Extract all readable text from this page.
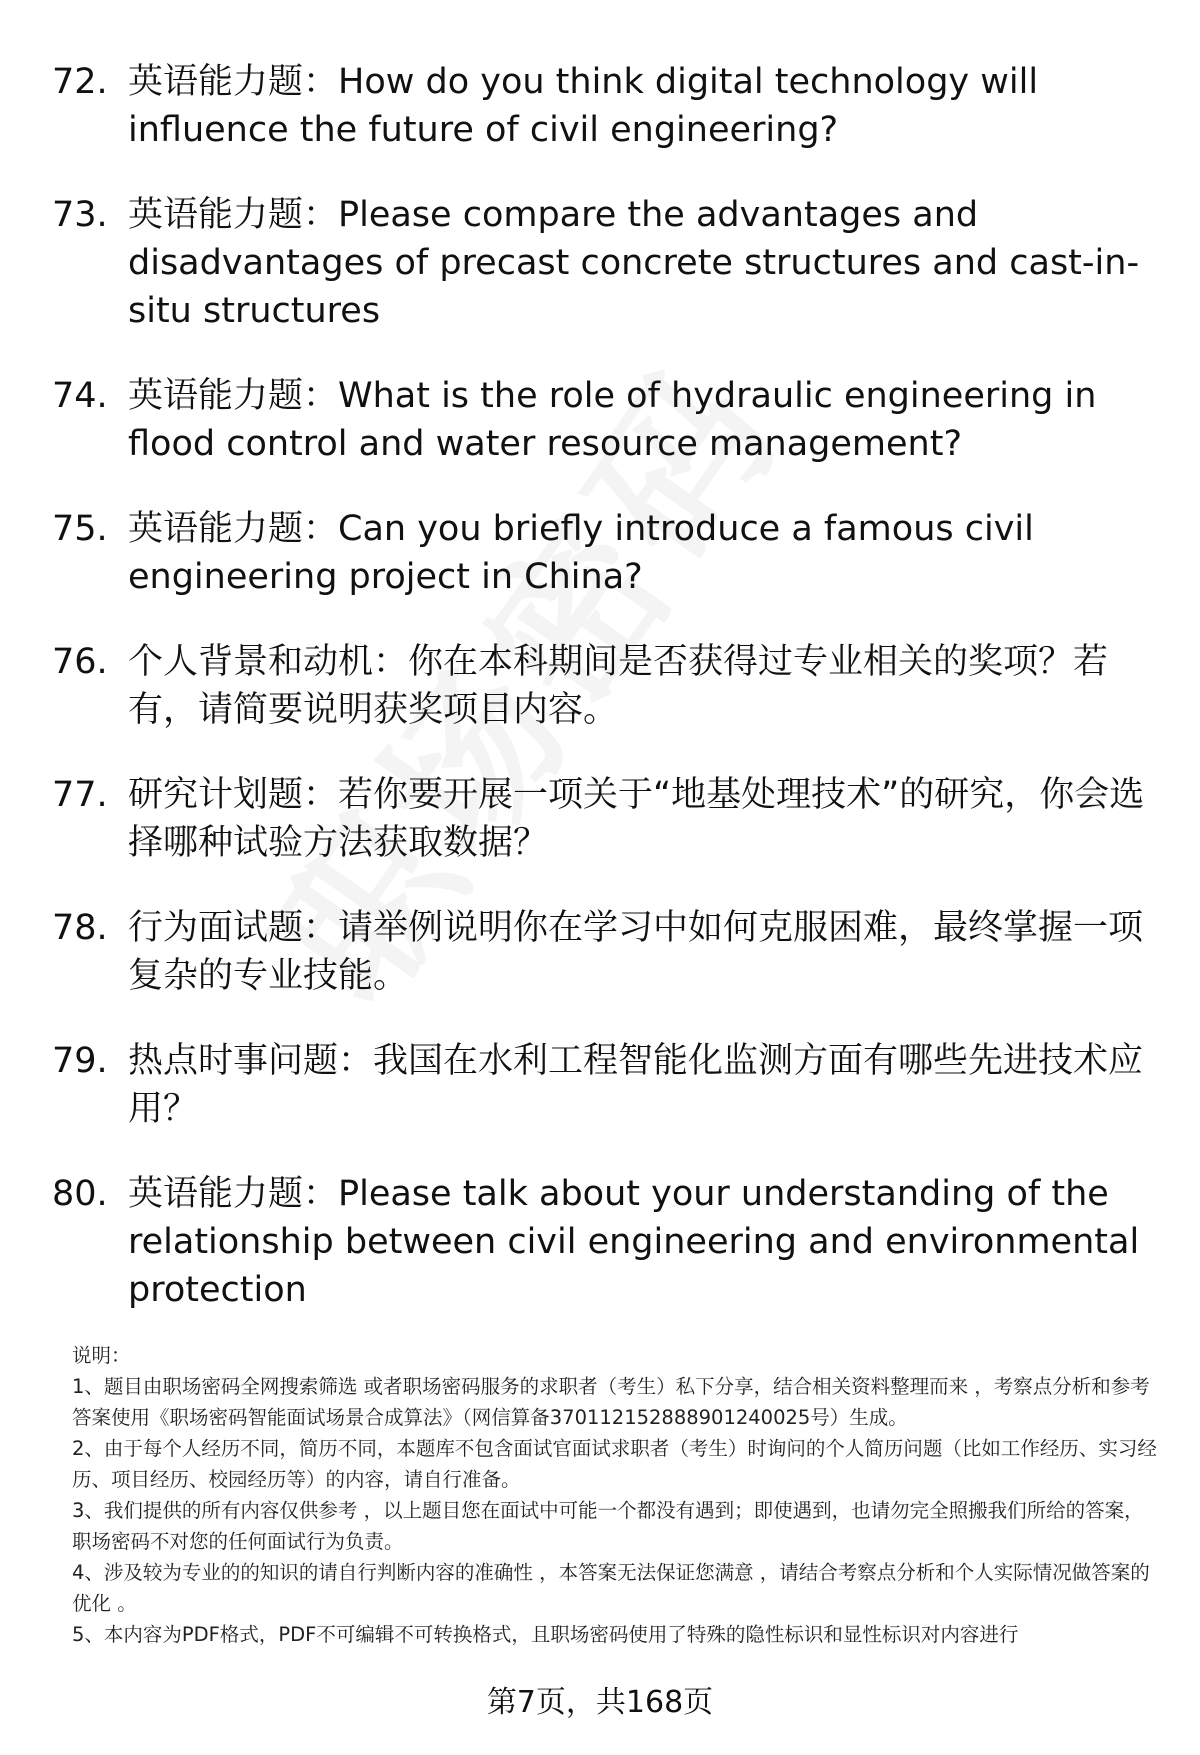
72. 英语能力题：How do you think digital technology will influence the future of civil engineering?
73. 英语能力题：Please compare the advantages and disadvantages of precast concrete structures and cast-in-situ structures
74. 英语能力题：What is the role of hydraulic engineering in flood control and water resource management?
75. 英语能力题：Can you briefly introduce a famous civil engineering project in China?
76. 个人背景和动机：你在本科期间是否获得过专业相关的奖项？若有，请简要说明获奖项目内容。
77. 研究计划题：若你要开展一项关于“地基处理技术”的研究，你会选择哪种试验方法获取数据？
78. 行为面试题：请举例说明你在学习中如何克服困难，最终掌握一项复杂的专业技能。
79. 热点时事问题：我国在水利工程智能化监测方面有哪些先进技术应用？
80. 英语能力题：Please talk about your understanding of the relationship between civil engineering and environmental protection

说明：

1、题目由职场密码全网搜索筛选 或者职场密码服务的求职者（考生）私下分享，结合相关资料整理而来 ，考察点分析和参考答案使用《职场密码智能面试场景合成算法》（网信算备370112152888901240025号）生成。

2、由于每个人经历不同，简历不同，本题库不包含面试官面试求职者（考生）时询问的个人简历问题（比如工作经历、实习经历、项目经历、校园经历等）的内容，请自行准备。

3、我们提供的所有内容仅供参考 ，以上题目您在面试中可能一个都没有遇到；即使遇到，也请勿完全照搬我们所给的答案，职场密码不对您的任何面试行为负责。

4、涉及较为专业的的知识的请自行判断内容的准确性 ，本答案无法保证您满意 ，请结合考察点分析和个人实际情况做答案的优化 。

5、本内容为PDF格式，PDF不可编辑不可转换格式，且职场密码使用了特殊的隐性标识和显性标识对内容进行

第7页，共168页
